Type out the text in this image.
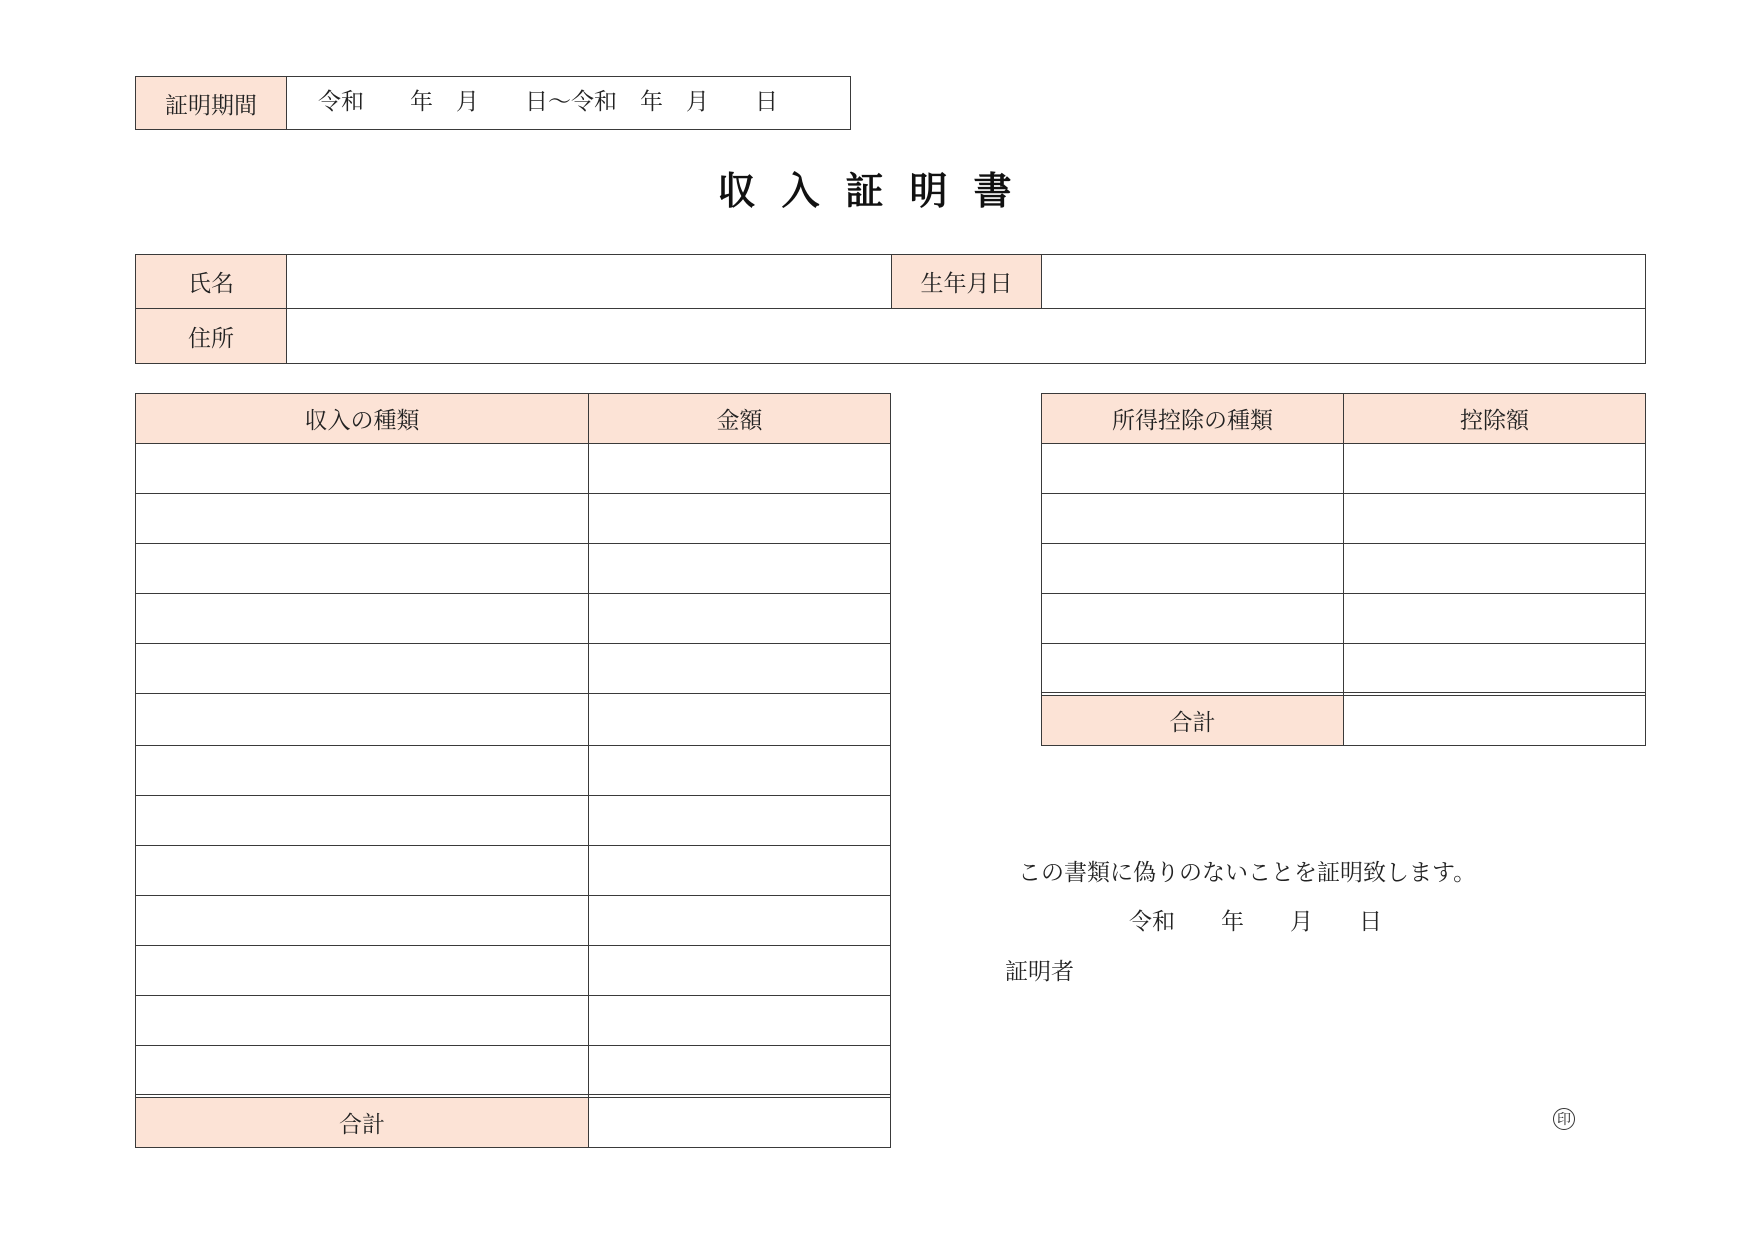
証明期間	令和　　年　月　　日～令和　年　月　　日
収入証明書
氏名	生年月日
住所
収入の種類	金額
合計
所得控除の種類	控除額
合計
この書類に偽りのないことを証明致します。
令和　　年　　月　　日
証明者
印
